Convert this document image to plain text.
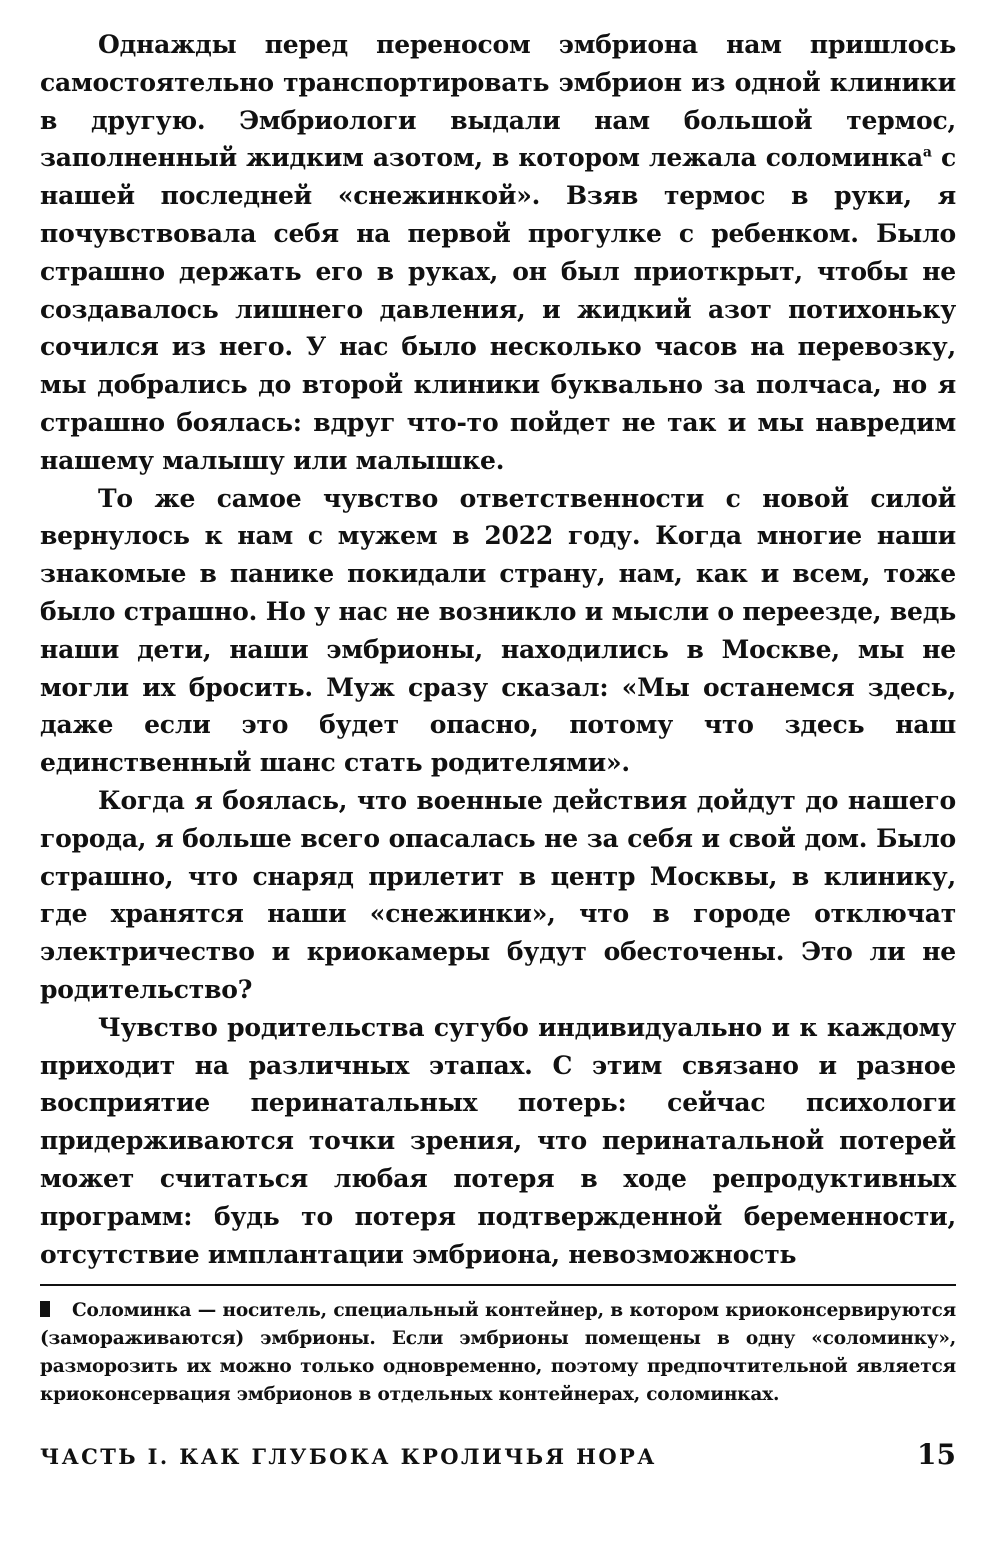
Однажды перед переносом эмбриона нам пришлось самостоятельно транспортировать эмбрион из одной клиники в другую. Эмбриологи выдали нам большой термос, заполненный жидким азотом, в котором лежала соломинка$^a$ с нашей последней «снежинкой». Взяв термос в руки, я почувствовала себя на первой прогулке с ребенком. Было страшно держать его в руках, он был приоткрыт, чтобы не создавалось лишнего давления, и жидкий азот потихоньку сочился из него. У нас было несколько часов на перевозку, мы добрались до второй клиники буквально за полчаса, но я страшно боялась: вдруг что-то пойдет не так и мы навредим нашему малышу или малышке.

То же самое чувство ответственности с новой силой вернулось к нам с мужем в 2022 году. Когда многие наши знакомые в панике покидали страну, нам, как и всем, тоже было страшно. Но у нас не возникло и мысли о переезде, ведь наши дети, наши эмбрионы, находились в Москве, мы не могли их бросить. Муж сразу сказал: «Мы останемся здесь, даже если это будет опасно, потому что здесь наш единственный шанс стать родителями».

Когда я боялась, что военные действия дойдут до нашего города, я больше всего опасалась не за себя и свой дом. Было страшно, что снаряд прилетит в центр Москвы, в клинику, где хранятся наши «снежинки», что в городе отключат электричество и криокамеры будут обесточены. Это ли не родительство?

Чувство родительства сугубо индивидуально и к каждому приходит на различных этапах. С этим связано и разное восприятие перинатальных потерь: сейчас психологи придерживаются точки зрения, что перинатальной потерей может считаться любая потеря в ходе репродуктивных программ: будь то потеря подтвержденной беременности, отсутствие имплантации эмбриона, невозможность

Соломинка — носитель, специальный контейнер, в котором криоконсервируются (замораживаются) эмбрионы. Если эмбрионы помещены в одну «соломинку», разморозить их можно только одновременно, поэтому предпочтительной является криоконсервация эмбрионов в отдельных контейнерах, соломинках.
ЧАСТЬ I. КАК ГЛУБОКА КРОЛИЧЬЯ НОРА	15
